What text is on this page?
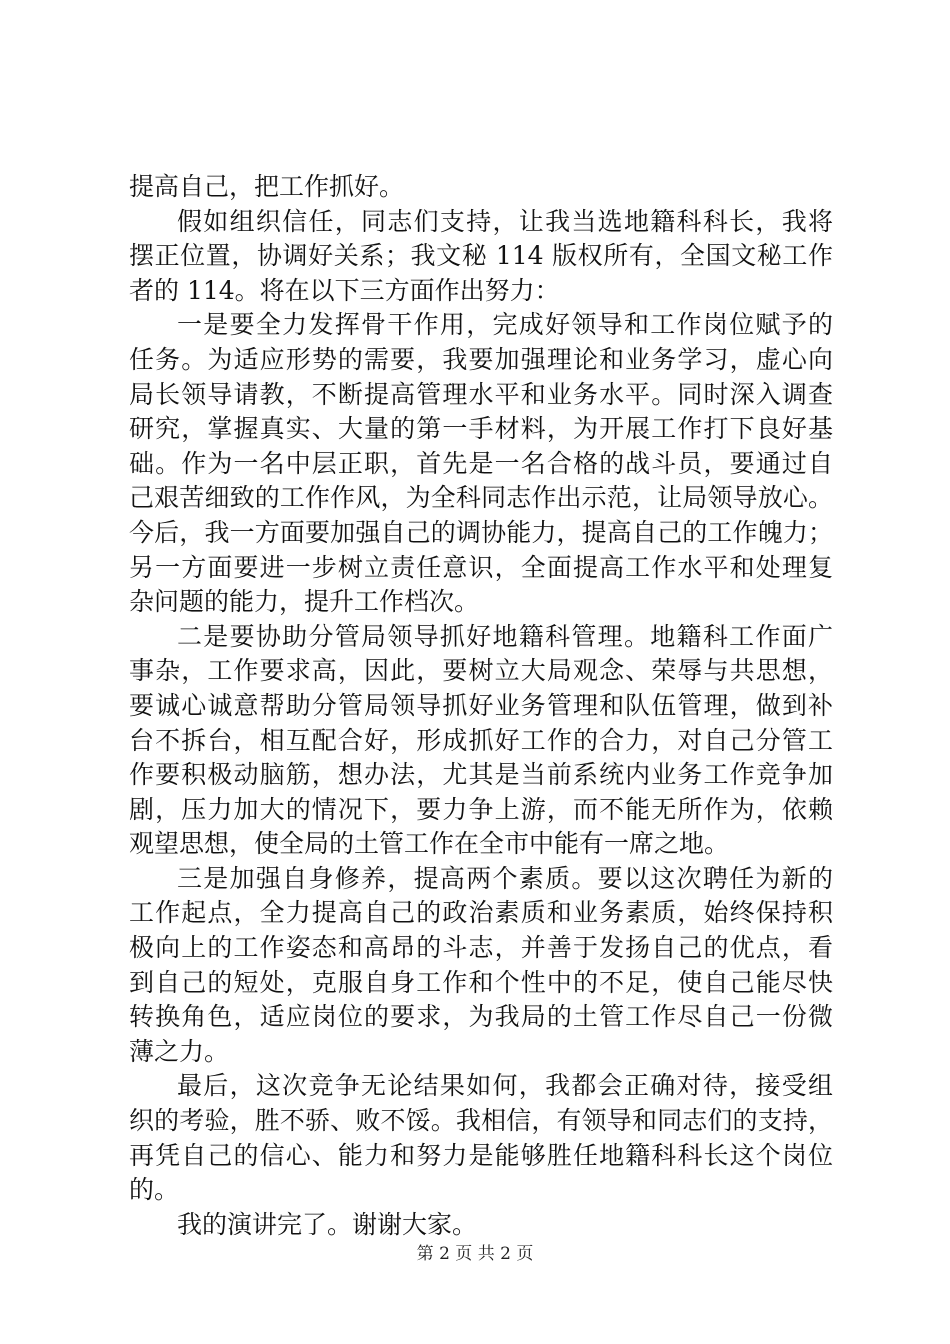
提高自己，把工作抓好。
假如组织信任，同志们支持，让我当选地籍科科长，我将
摆正位置，协调好关系；我文秘 114 版权所有，全国文秘工作
者的 114。将在以下三方面作出努力：
一是要全力发挥骨干作用，完成好领导和工作岗位赋予的
任务。为适应形势的需要，我要加强理论和业务学习，虚心向
局长领导请教，不断提高管理水平和业务水平。同时深入调查
研究，掌握真实、大量的第一手材料，为开展工作打下良好基
础。作为一名中层正职，首先是一名合格的战斗员，要通过自
己艰苦细致的工作作风，为全科同志作出示范，让局领导放心。
今后，我一方面要加强自己的调协能力，提高自己的工作魄力；
另一方面要进一步树立责任意识，全面提高工作水平和处理复
杂问题的能力，提升工作档次。
二是要协助分管局领导抓好地籍科管理。地籍科工作面广
事杂，工作要求高，因此，要树立大局观念、荣辱与共思想，
要诚心诚意帮助分管局领导抓好业务管理和队伍管理，做到补
台不拆台，相互配合好，形成抓好工作的合力，对自己分管工
作要积极动脑筋，想办法，尤其是当前系统内业务工作竞争加
剧，压力加大的情况下，要力争上游，而不能无所作为，依赖
观望思想，使全局的土管工作在全市中能有一席之地。
三是加强自身修养，提高两个素质。要以这次聘任为新的
工作起点，全力提高自己的政治素质和业务素质，始终保持积
极向上的工作姿态和高昂的斗志，并善于发扬自己的优点，看
到自己的短处，克服自身工作和个性中的不足，使自己能尽快
转换角色，适应岗位的要求，为我局的土管工作尽自己一份微
薄之力。
最后，这次竞争无论结果如何，我都会正确对待，接受组
织的考验，胜不骄、败不馁。我相信，有领导和同志们的支持，
再凭自己的信心、能力和努力是能够胜任地籍科科长这个岗位
的。
我的演讲完了。谢谢大家。
第 2 页 共 2 页
